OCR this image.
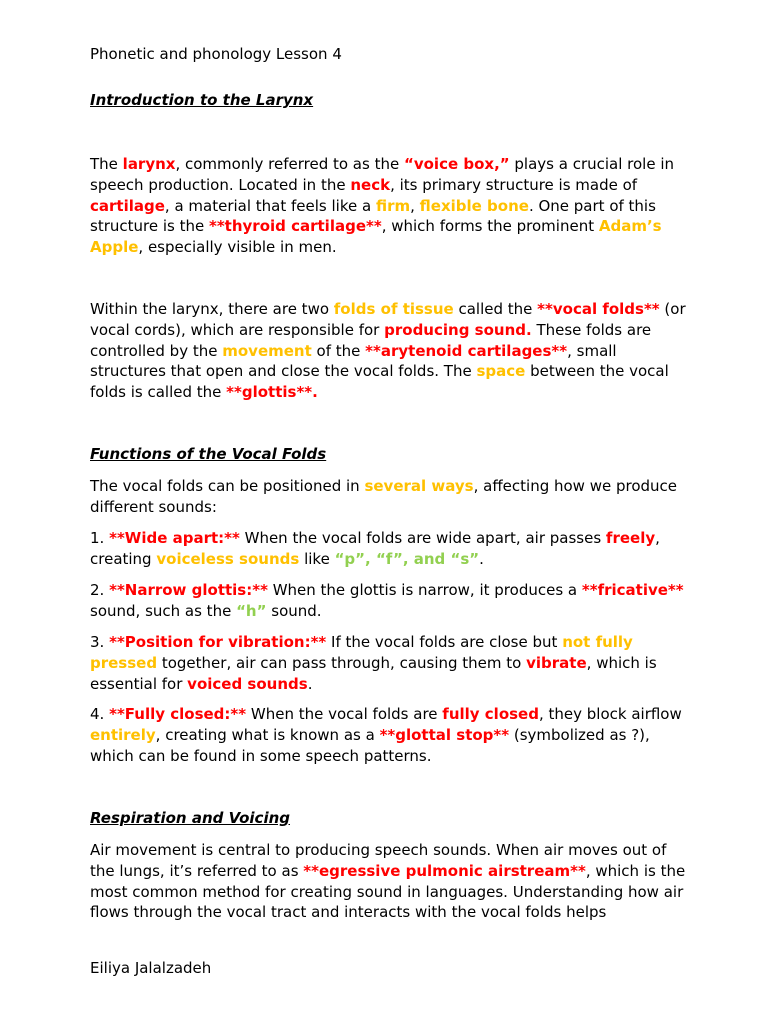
Phonetic and phonology Lesson 4

Introduction to the Larynx

The larynx, commonly referred to as the “voice box,” plays a crucial role in speech production. Located in the neck, its primary structure is made of cartilage, a material that feels like a firm, flexible bone. One part of this structure is the **thyroid cartilage**, which forms the prominent Adam’s Apple, especially visible in men.

Within the larynx, there are two folds of tissue called the **vocal folds** (or vocal cords), which are responsible for producing sound. These folds are controlled by the movement of the **arytenoid cartilages**, small structures that open and close the vocal folds. The space between the vocal folds is called the **glottis**.

Functions of the Vocal Folds

The vocal folds can be positioned in several ways, affecting how we produce different sounds:

1. **Wide apart:** When the vocal folds are wide apart, air passes freely, creating voiceless sounds like “p”, “f”, and “s”.

2. **Narrow glottis:** When the glottis is narrow, it produces a **fricative** sound, such as the “h” sound.

3. **Position for vibration:** If the vocal folds are close but not fully pressed together, air can pass through, causing them to vibrate, which is essential for voiced sounds.

4. **Fully closed:** When the vocal folds are fully closed, they block airflow entirely, creating what is known as a **glottal stop** (symbolized as ?), which can be found in some speech patterns.

Respiration and Voicing

Air movement is central to producing speech sounds. When air moves out of the lungs, it’s referred to as **egressive pulmonic airstream**, which is the most common method for creating sound in languages. Understanding how air flows through the vocal tract and interacts with the vocal folds helps

Eiliya Jalalzadeh
